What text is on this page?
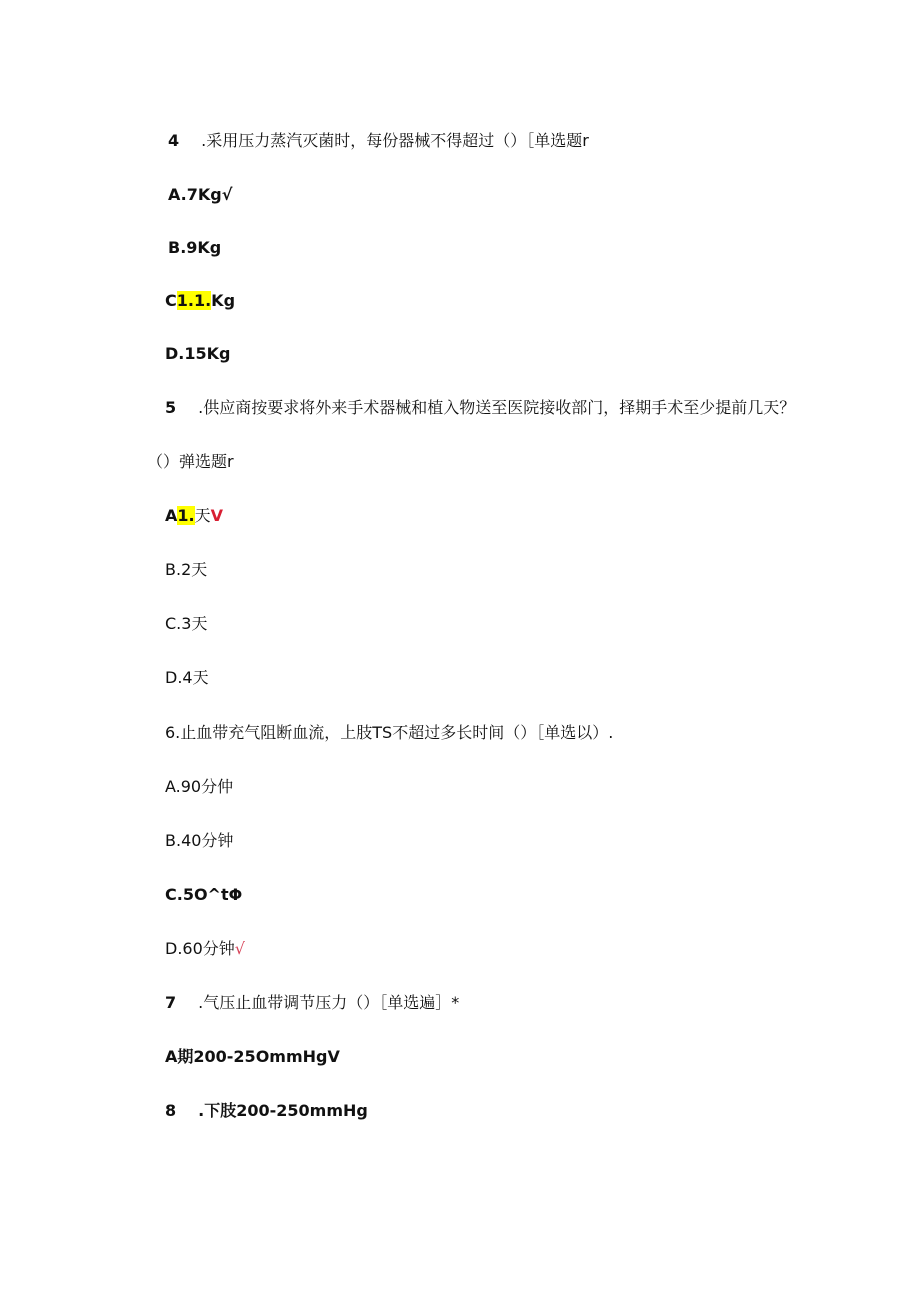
4 .采用压力蒸汽灭菌时，每份器械不得超过（）［单选题r
A.7Kg√
B.9Kg
C1.1.Kg
D.15Kg
5 .供应商按要求将外来手术器械和植入物送至医院接收部门，择期手术至少提前几天？
（）弹选题r
A1.天V
B.2天
C.3天
D.4天
6.止血带充气阻断血流，上肢TS不超过多长时间（）［单选以）.
A.90分仲
B.40分钟
C.5O^tΦ
D.60分钟√
7 .气压止血带调节压力（）［单选遍］*
A期200-25OmmHgV
8 .下肢200-250mmHg
